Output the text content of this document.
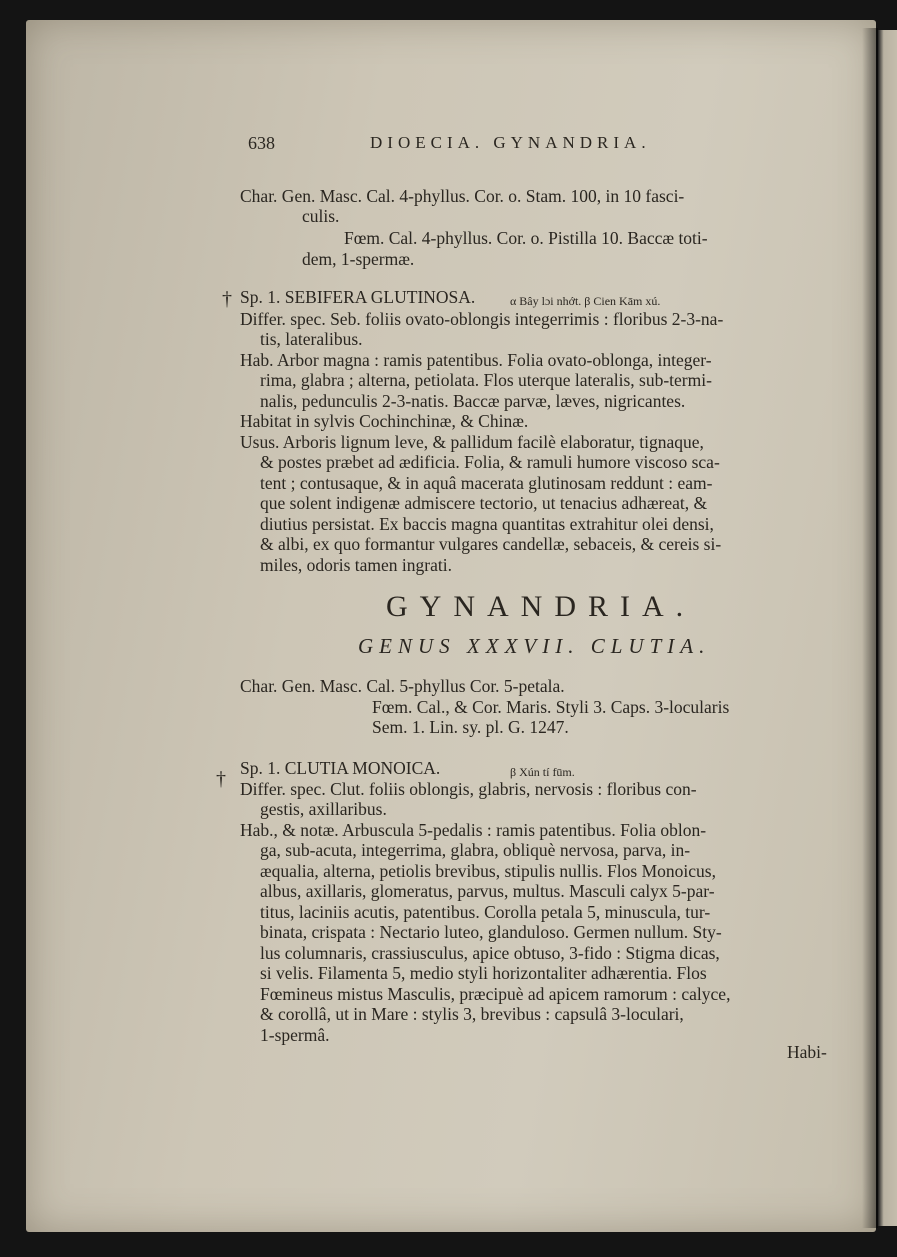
638	DIOECIA. GYNANDRIA.
Char. Gen. Masc. Cal. 4-phyllus. Cor. o. Stam. 100, in 10 fasci-
culis.
Fœm. Cal. 4-phyllus. Cor. o. Pistilla 10. Baccæ toti-
dem, 1-spermæ.
† Sp. 1. SEBIFERA GLUTINOSA.	α Bây lɔi nhớt. β Cien Kām xú.
Differ. spec. Seb. foliis ovato-oblongis integerrimis : floribus 2-3-na-
tis, lateralibus.
Hab. Arbor magna : ramis patentibus. Folia ovato-oblonga, integer-
rima, glabra ; alterna, petiolata. Flos uterque lateralis, sub-termi-
nalis, pedunculis 2-3-natis. Baccæ parvæ, læves, nigricantes.
Habitat in sylvis Cochinchinæ, & Chinæ.
Usus. Arboris lignum leve, & pallidum facilè elaboratur, tignaque,
& postes præbet ad ædificia. Folia, & ramuli humore viscoso sca-
tent ; contusaque, & in aquâ macerata glutinosam reddunt : eam-
que solent indigenæ admiscere tectorio, ut tenacius adhæreat, &
diutius persistat. Ex baccis magna quantitas extrahitur olei densi,
& albi, ex quo formantur vulgares candellæ, sebaceis, & cereis si-
miles, odoris tamen ingrati.
GYNANDRIA.
GENUS XXXVII. CLUTIA.
Char. Gen. Masc. Cal. 5-phyllus Cor. 5-petala.
Fœm. Cal., & Cor. Maris. Styli 3. Caps. 3-locularis
Sem. 1. Lin. sy. pl. G. 1247.
† Sp. 1. CLUTIA MONOICA.	β Xún tí fūm.
Differ. spec. Clut. foliis oblongis, glabris, nervosis : floribus con-
gestis, axillaribus.
Hab., & notæ. Arbuscula 5-pedalis : ramis patentibus. Folia oblon-
ga, sub-acuta, integerrima, glabra, obliquè nervosa, parva, in-
æqualia, alterna, petiolis brevibus, stipulis nullis. Flos Monoicus,
albus, axillaris, glomeratus, parvus, multus. Masculi calyx 5-par-
titus, laciniis acutis, patentibus. Corolla petala 5, minuscula, tur-
binata, crispata : Nectario luteo, glanduloso. Germen nullum. Sty-
lus columnaris, crassiusculus, apice obtuso, 3-fido : Stigma dicas,
si velis. Filamenta 5, medio styli horizontaliter adhærentia. Flos
Fœmineus mistus Masculis, præcipuè ad apicem ramorum : calyce,
& corollâ, ut in Mare : stylis 3, brevibus : capsulâ 3-loculari,
1-spermâ.
Habi-
